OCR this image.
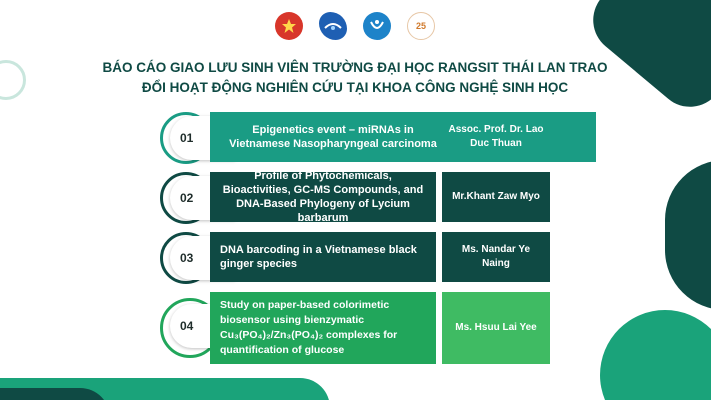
25
BÁO CÁO GIAO LƯU SINH VIÊN TRƯỜNG ĐẠI HỌC RANGSIT THÁI LAN TRAO ĐỔI HOẠT ĐỘNG NGHIÊN CỨU TẠI KHOA CÔNG NGHỆ SINH HỌC
01
Epigenetics event – miRNAs in Vietnamese Nasopharyngeal carcinoma
Assoc. Prof. Dr. Lao Duc Thuan
02
Profile of Phytochemicals, Bioactivities, GC-MS Compounds, and DNA-Based Phylogeny of Lycium barbarum
Mr.Khant Zaw Myo
03
DNA barcoding in a Vietnamese black ginger species
Ms. Nandar Ye Naing
04
Study on paper-based colorimetic
biosensor using bienzymatic
Cu₃(PO₄)₂/Zn₃(PO₄)₂ complexes for
quantification of glucose
Ms. Hsuu Lai Yee
